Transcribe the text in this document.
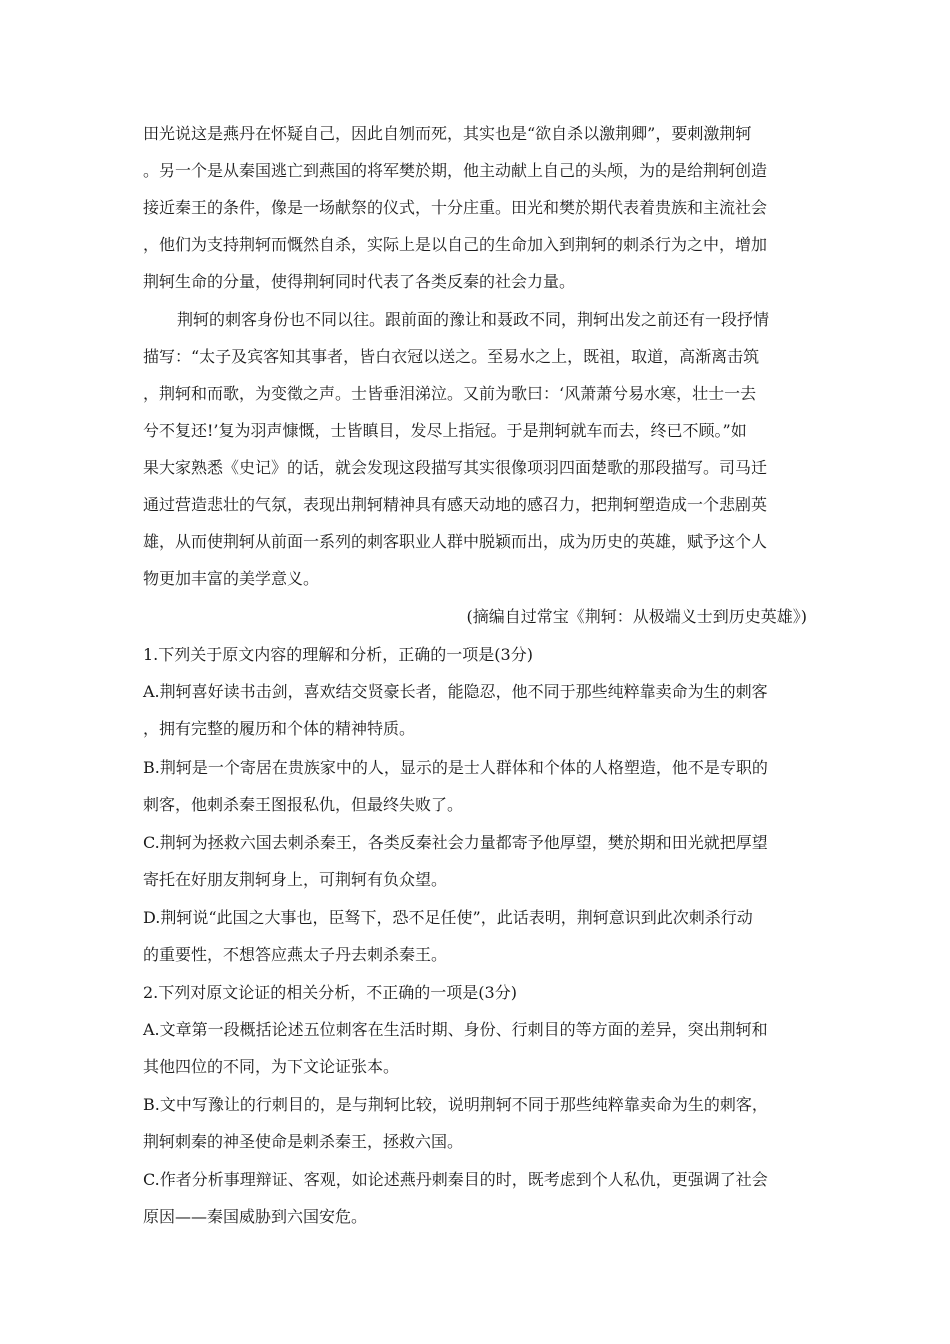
田光说这是燕丹在怀疑自己，因此自刎而死，其实也是“欲自杀以激荆卿”，要刺激荆轲
。另一个是从秦国逃亡到燕国的将军樊於期，他主动献上自己的头颅，为的是给荆轲创造
接近秦王的条件，像是一场献祭的仪式，十分庄重。田光和樊於期代表着贵族和主流社会
，他们为支持荆轲而慨然自杀，实际上是以自己的生命加入到荆轲的刺杀行为之中，增加
荆轲生命的分量，使得荆轲同时代表了各类反秦的社会力量。
荆轲的刺客身份也不同以往。跟前面的豫让和聂政不同，荆轲出发之前还有一段抒情
描写：“太子及宾客知其事者，皆白衣冠以送之。至易水之上，既祖，取道，高渐离击筑
，荆轲和而歌，为变徵之声。士皆垂泪涕泣。又前为歌曰：‘风萧萧兮易水寒，壮士一去
兮不复还!’复为羽声慷慨，士皆瞋目，发尽上指冠。于是荆轲就车而去，终已不顾。”如
果大家熟悉《史记》的话，就会发现这段描写其实很像项羽四面楚歌的那段描写。司马迁
通过营造悲壮的气氛，表现出荆轲精神具有感天动地的感召力，把荆轲塑造成一个悲剧英
雄，从而使荆轲从前面一系列的刺客职业人群中脱颖而出，成为历史的英雄，赋予这个人
物更加丰富的美学意义。
(摘编自过常宝《荆轲：从极端义士到历史英雄》)
1.下列关于原文内容的理解和分析，正确的一项是(3分)
A.荆轲喜好读书击剑，喜欢结交贤豪长者，能隐忍，他不同于那些纯粹靠卖命为生的刺客
，拥有完整的履历和个体的精神特质。
B.荆轲是一个寄居在贵族家中的人，显示的是士人群体和个体的人格塑造，他不是专职的
刺客，他刺杀秦王图报私仇，但最终失败了。
C.荆轲为拯救六国去刺杀秦王，各类反秦社会力量都寄予他厚望，樊於期和田光就把厚望
寄托在好朋友荆轲身上，可荆轲有负众望。
D.荆轲说“此国之大事也，臣驽下，恐不足任使”，此话表明，荆轲意识到此次刺杀行动
的重要性，不想答应燕太子丹去刺杀秦王。
2.下列对原文论证的相关分析，不正确的一项是(3分)
A.文章第一段概括论述五位刺客在生活时期、身份、行刺目的等方面的差异，突出荆轲和
其他四位的不同，为下文论证张本。
B.文中写豫让的行刺目的，是与荆轲比较，说明荆轲不同于那些纯粹靠卖命为生的刺客，
荆轲刺秦的神圣使命是刺杀秦王，拯救六国。
C.作者分析事理辩证、客观，如论述燕丹刺秦目的时，既考虑到个人私仇，更强调了社会
原因——秦国威胁到六国安危。
